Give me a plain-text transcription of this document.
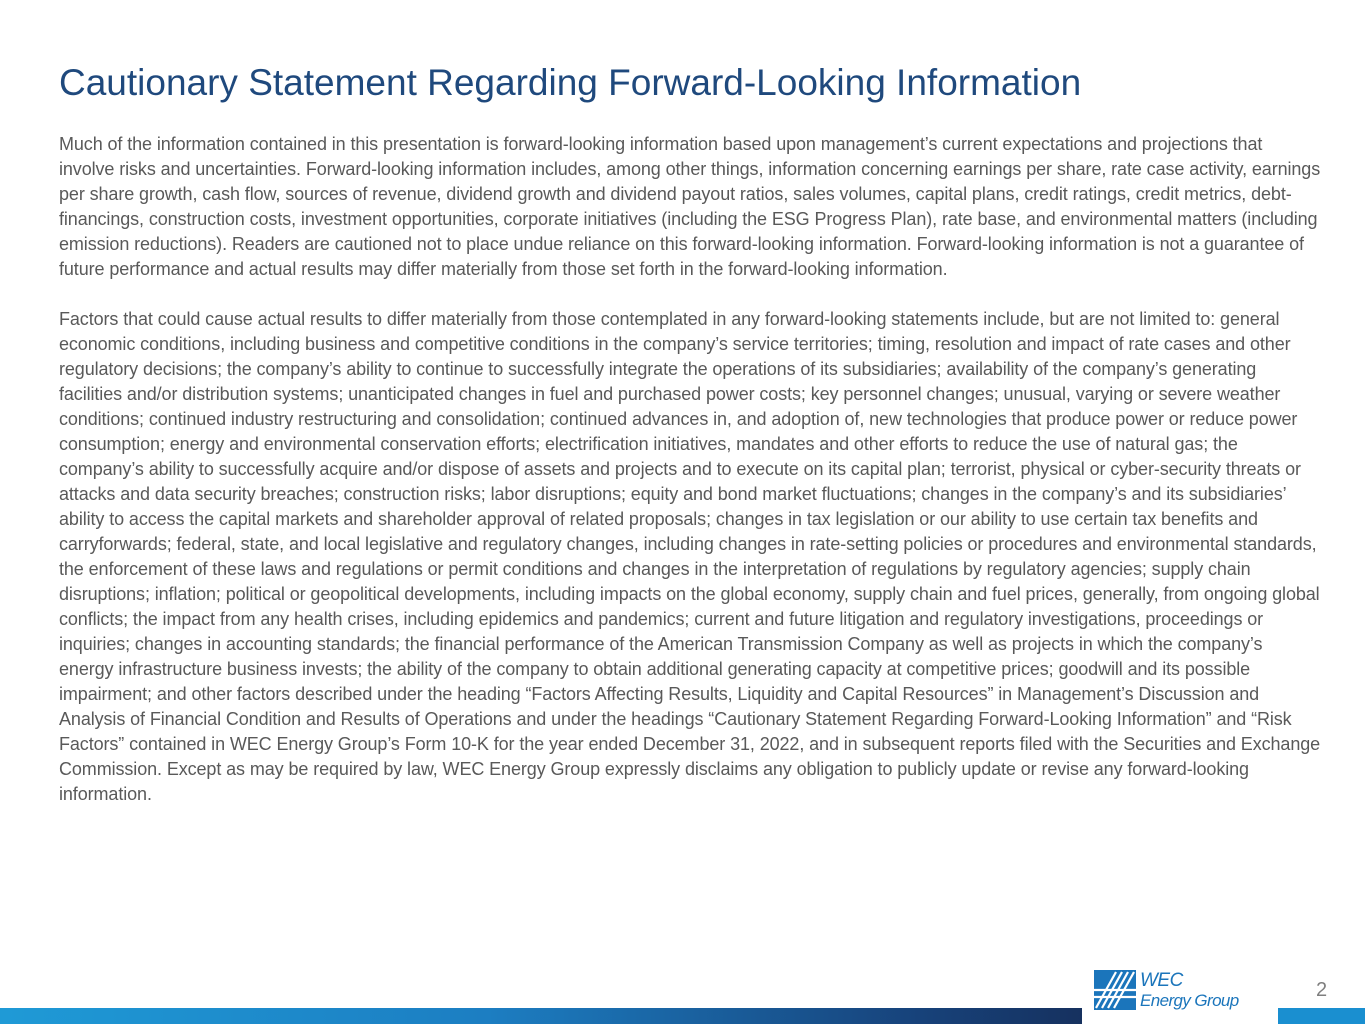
Cautionary Statement Regarding Forward-Looking Information

Much of the information contained in this presentation is forward-looking information based upon management’s current expectations and projections that involve risks and uncertainties. Forward-looking information includes, among other things, information concerning earnings per share, rate case activity, earnings per share growth, cash flow, sources of revenue, dividend growth and dividend payout ratios, sales volumes, capital plans, credit ratings, credit metrics, debt-financings, construction costs, investment opportunities, corporate initiatives (including the ESG Progress Plan), rate base, and environmental matters (including emission reductions). Readers are cautioned not to place undue reliance on this forward-looking information. Forward-looking information is not a guarantee of future performance and actual results may differ materially from those set forth in the forward-looking information.

Factors that could cause actual results to differ materially from those contemplated in any forward-looking statements include, but are not limited to: general economic conditions, including business and competitive conditions in the company’s service territories; timing, resolution and impact of rate cases and other regulatory decisions; the company’s ability to continue to successfully integrate the operations of its subsidiaries; availability of the company’s generating facilities and/or distribution systems; unanticipated changes in fuel and purchased power costs; key personnel changes; unusual, varying or severe weather conditions; continued industry restructuring and consolidation; continued advances in, and adoption of, new technologies that produce power or reduce power consumption; energy and environmental conservation efforts; electrification initiatives, mandates and other efforts to reduce the use of natural gas; the company’s ability to successfully acquire and/or dispose of assets and projects and to execute on its capital plan; terrorist, physical or cyber-security threats or attacks and data security breaches; construction risks; labor disruptions; equity and bond market fluctuations; changes in the company’s and its subsidiaries’ ability to access the capital markets and shareholder approval of related proposals; changes in tax legislation or our ability to use certain tax benefits and carryforwards; federal, state, and local legislative and regulatory changes, including changes in rate-setting policies or procedures and environmental standards, the enforcement of these laws and regulations or permit conditions and changes in the interpretation of regulations by regulatory agencies; supply chain disruptions; inflation; political or geopolitical developments, including impacts on the global economy, supply chain and fuel prices, generally, from ongoing global conflicts; the impact from any health crises, including epidemics and pandemics; current and future litigation and regulatory investigations, proceedings or inquiries; changes in accounting standards; the financial performance of the American Transmission Company as well as projects in which the company’s energy infrastructure business invests; the ability of the company to obtain additional generating capacity at competitive prices; goodwill and its possible impairment; and other factors described under the heading “Factors Affecting Results, Liquidity and Capital Resources” in Management’s Discussion and Analysis of Financial Condition and Results of Operations and under the headings “Cautionary Statement Regarding Forward-Looking Information” and “Risk Factors” contained in WEC Energy Group’s Form 10-K for the year ended December 31, 2022, and in subsequent reports filed with the Securities and Exchange Commission. Except as may be required by law, WEC Energy Group expressly disclaims any obligation to publicly update or revise any forward-looking information.

WEC
Energy Group	2
